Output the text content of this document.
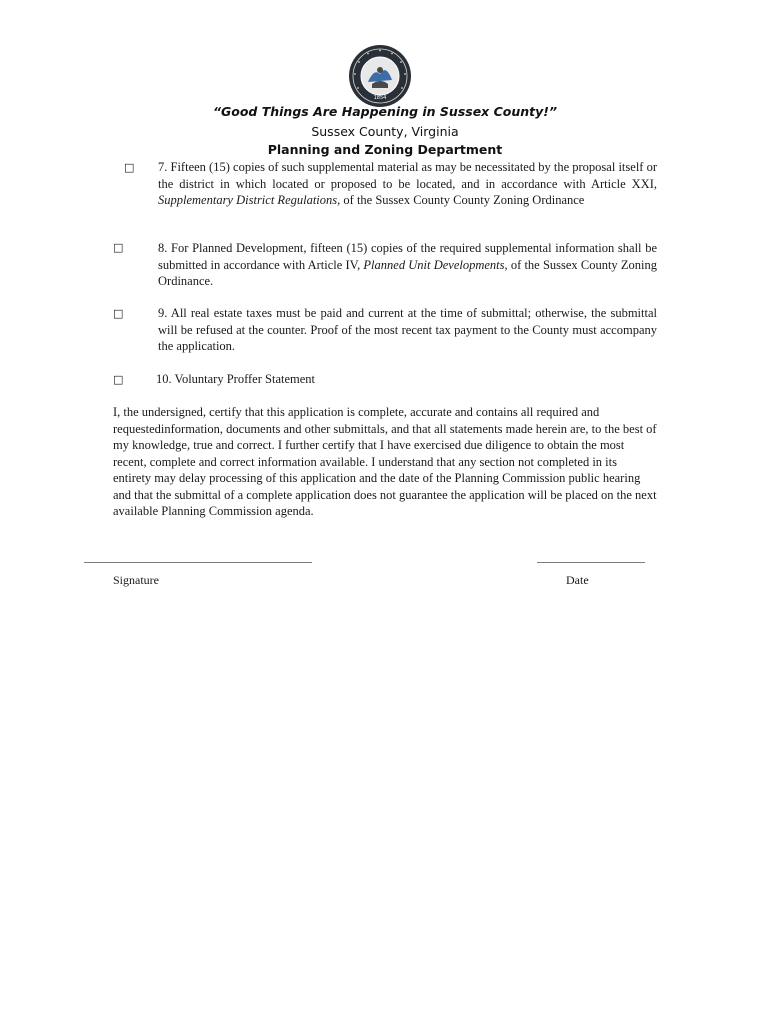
1854
“Good Things Are Happening in Sussex County!”
Sussex County, Virginia
Planning and Zoning Department
□ 7. Fifteen (15) copies of such supplemental material as may be necessitated by the proposal itself or the district in which located or proposed to be located, and in accordance with Article XXI, Supplementary District Regulations, of the Sussex County County Zoning Ordinance
□	8. For Planned Development, fifteen (15) copies of the required supplemental information shall be submitted in accordance with Article IV, Planned Unit Developments, of the Sussex County Zoning Ordinance.
□	9. All real estate taxes must be paid and current at the time of submittal; otherwise, the submittal will be refused at the counter. Proof of the most recent tax payment to the County must accompany the application.
□	10. Voluntary Proffer Statement
I, the undersigned, certify that this application is complete, accurate and contains all required and requestedinformation, documents and other submittals, and that all statements made herein are, to the best of my knowledge, true and correct. I further certify that I have exercised due diligence to obtain the most recent, complete and correct information available. I understand that any section not completed in its entirety may delay processing of this application and the date of the Planning Commission public hearing and that the submittal of a complete application does not guarantee the application will be placed on the next available Planning Commission agenda.
______________________________________	__________________
Signature	Date
